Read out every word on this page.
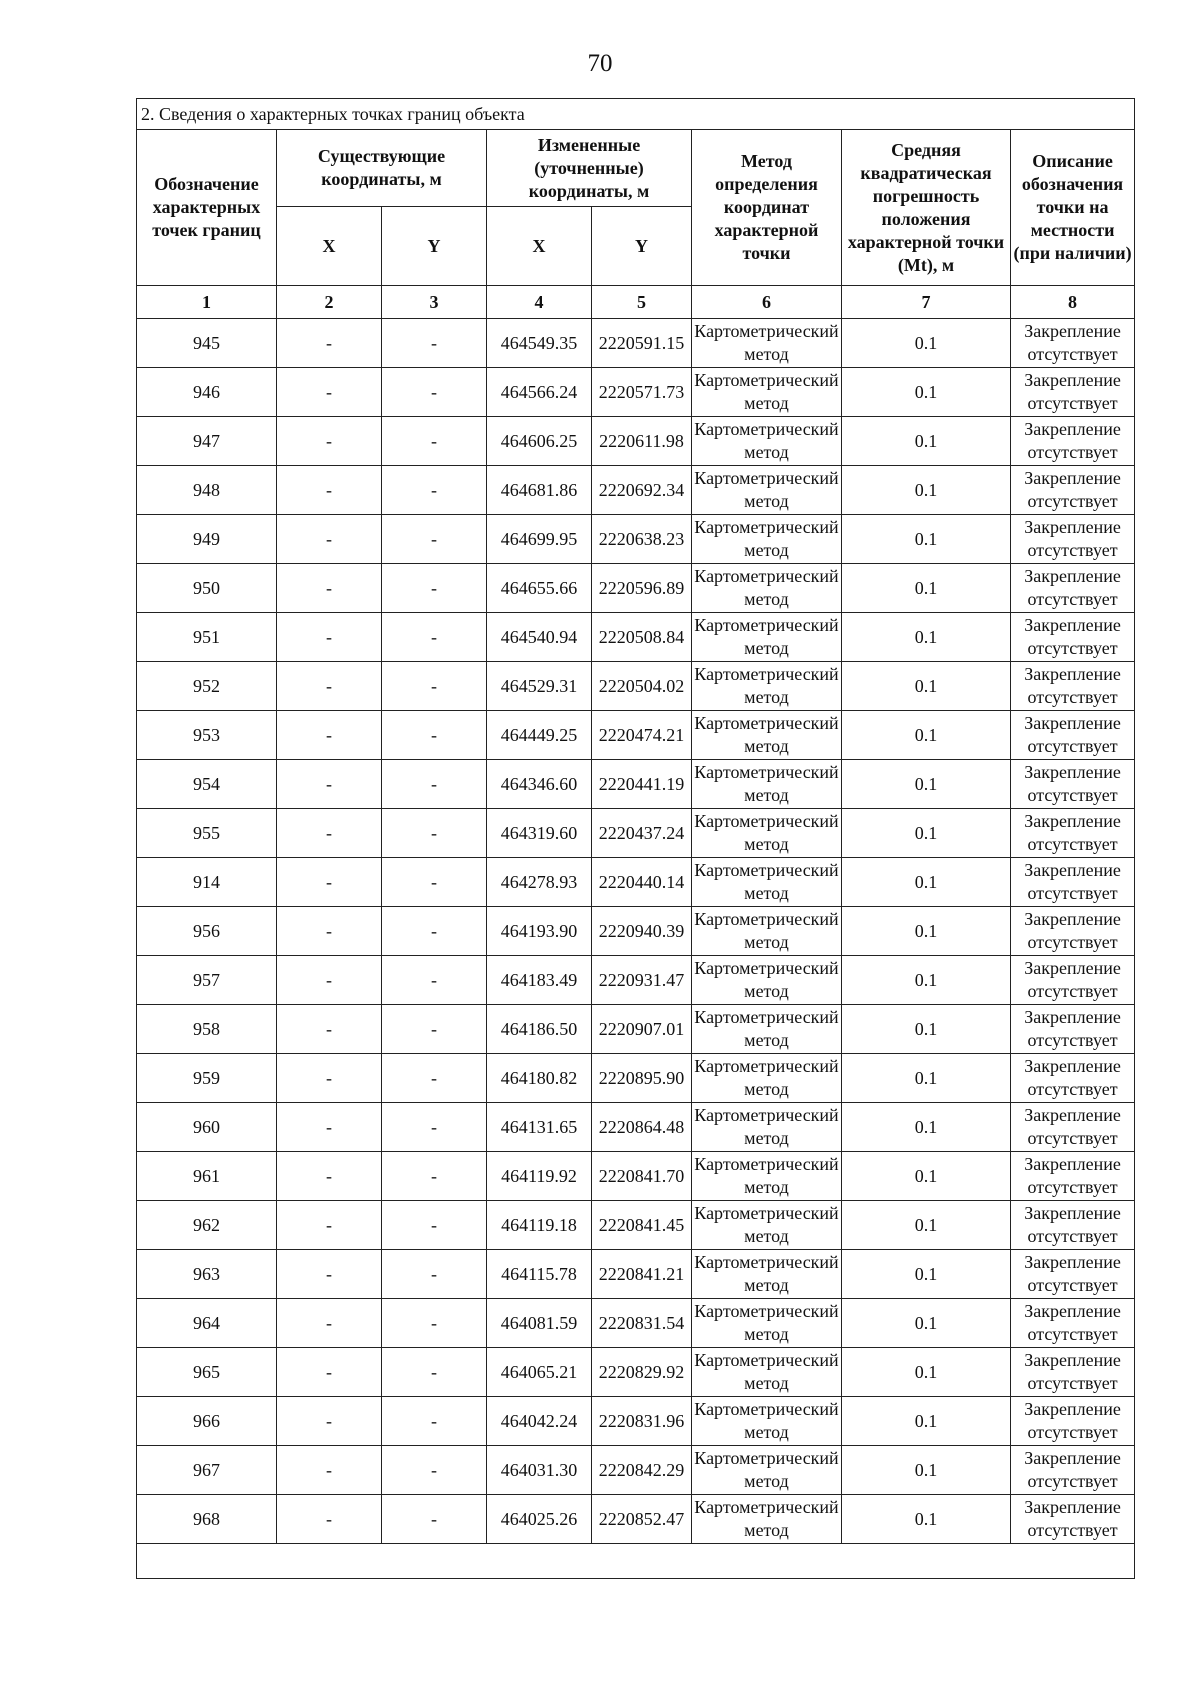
70
2. Сведения о характерных точках границ объекта							
Обозначение характерных точек границ	Существующие координаты, м		Измененные (уточненные) координаты, м		Метод определения координат характерной точки	Средняя квадратическая погрешность положения характерной точки (Mt), м	Описание обозначения точки на местности (при наличии)
	X	Y	X	Y			
1	2	3	4	5	6	7	8
945	-	-	464549.35	2220591.15	Картометрический метод	0.1	Закрепление отсутствует
946	-	-	464566.24	2220571.73	Картометрический метод	0.1	Закрепление отсутствует
947	-	-	464606.25	2220611.98	Картометрический метод	0.1	Закрепление отсутствует
948	-	-	464681.86	2220692.34	Картометрический метод	0.1	Закрепление отсутствует
949	-	-	464699.95	2220638.23	Картометрический метод	0.1	Закрепление отсутствует
950	-	-	464655.66	2220596.89	Картометрический метод	0.1	Закрепление отсутствует
951	-	-	464540.94	2220508.84	Картометрический метод	0.1	Закрепление отсутствует
952	-	-	464529.31	2220504.02	Картометрический метод	0.1	Закрепление отсутствует
953	-	-	464449.25	2220474.21	Картометрический метод	0.1	Закрепление отсутствует
954	-	-	464346.60	2220441.19	Картометрический метод	0.1	Закрепление отсутствует
955	-	-	464319.60	2220437.24	Картометрический метод	0.1	Закрепление отсутствует
914	-	-	464278.93	2220440.14	Картометрический метод	0.1	Закрепление отсутствует
956	-	-	464193.90	2220940.39	Картометрический метод	0.1	Закрепление отсутствует
957	-	-	464183.49	2220931.47	Картометрический метод	0.1	Закрепление отсутствует
958	-	-	464186.50	2220907.01	Картометрический метод	0.1	Закрепление отсутствует
959	-	-	464180.82	2220895.90	Картометрический метод	0.1	Закрепление отсутствует
960	-	-	464131.65	2220864.48	Картометрический метод	0.1	Закрепление отсутствует
961	-	-	464119.92	2220841.70	Картометрический метод	0.1	Закрепление отсутствует
962	-	-	464119.18	2220841.45	Картометрический метод	0.1	Закрепление отсутствует
963	-	-	464115.78	2220841.21	Картометрический метод	0.1	Закрепление отсутствует
964	-	-	464081.59	2220831.54	Картометрический метод	0.1	Закрепление отсутствует
965	-	-	464065.21	2220829.92	Картометрический метод	0.1	Закрепление отсутствует
966	-	-	464042.24	2220831.96	Картометрический метод	0.1	Закрепление отсутствует
967	-	-	464031.30	2220842.29	Картометрический метод	0.1	Закрепление отсутствует
968	-	-	464025.26	2220852.47	Картометрический метод	0.1	Закрепление отсутствует
